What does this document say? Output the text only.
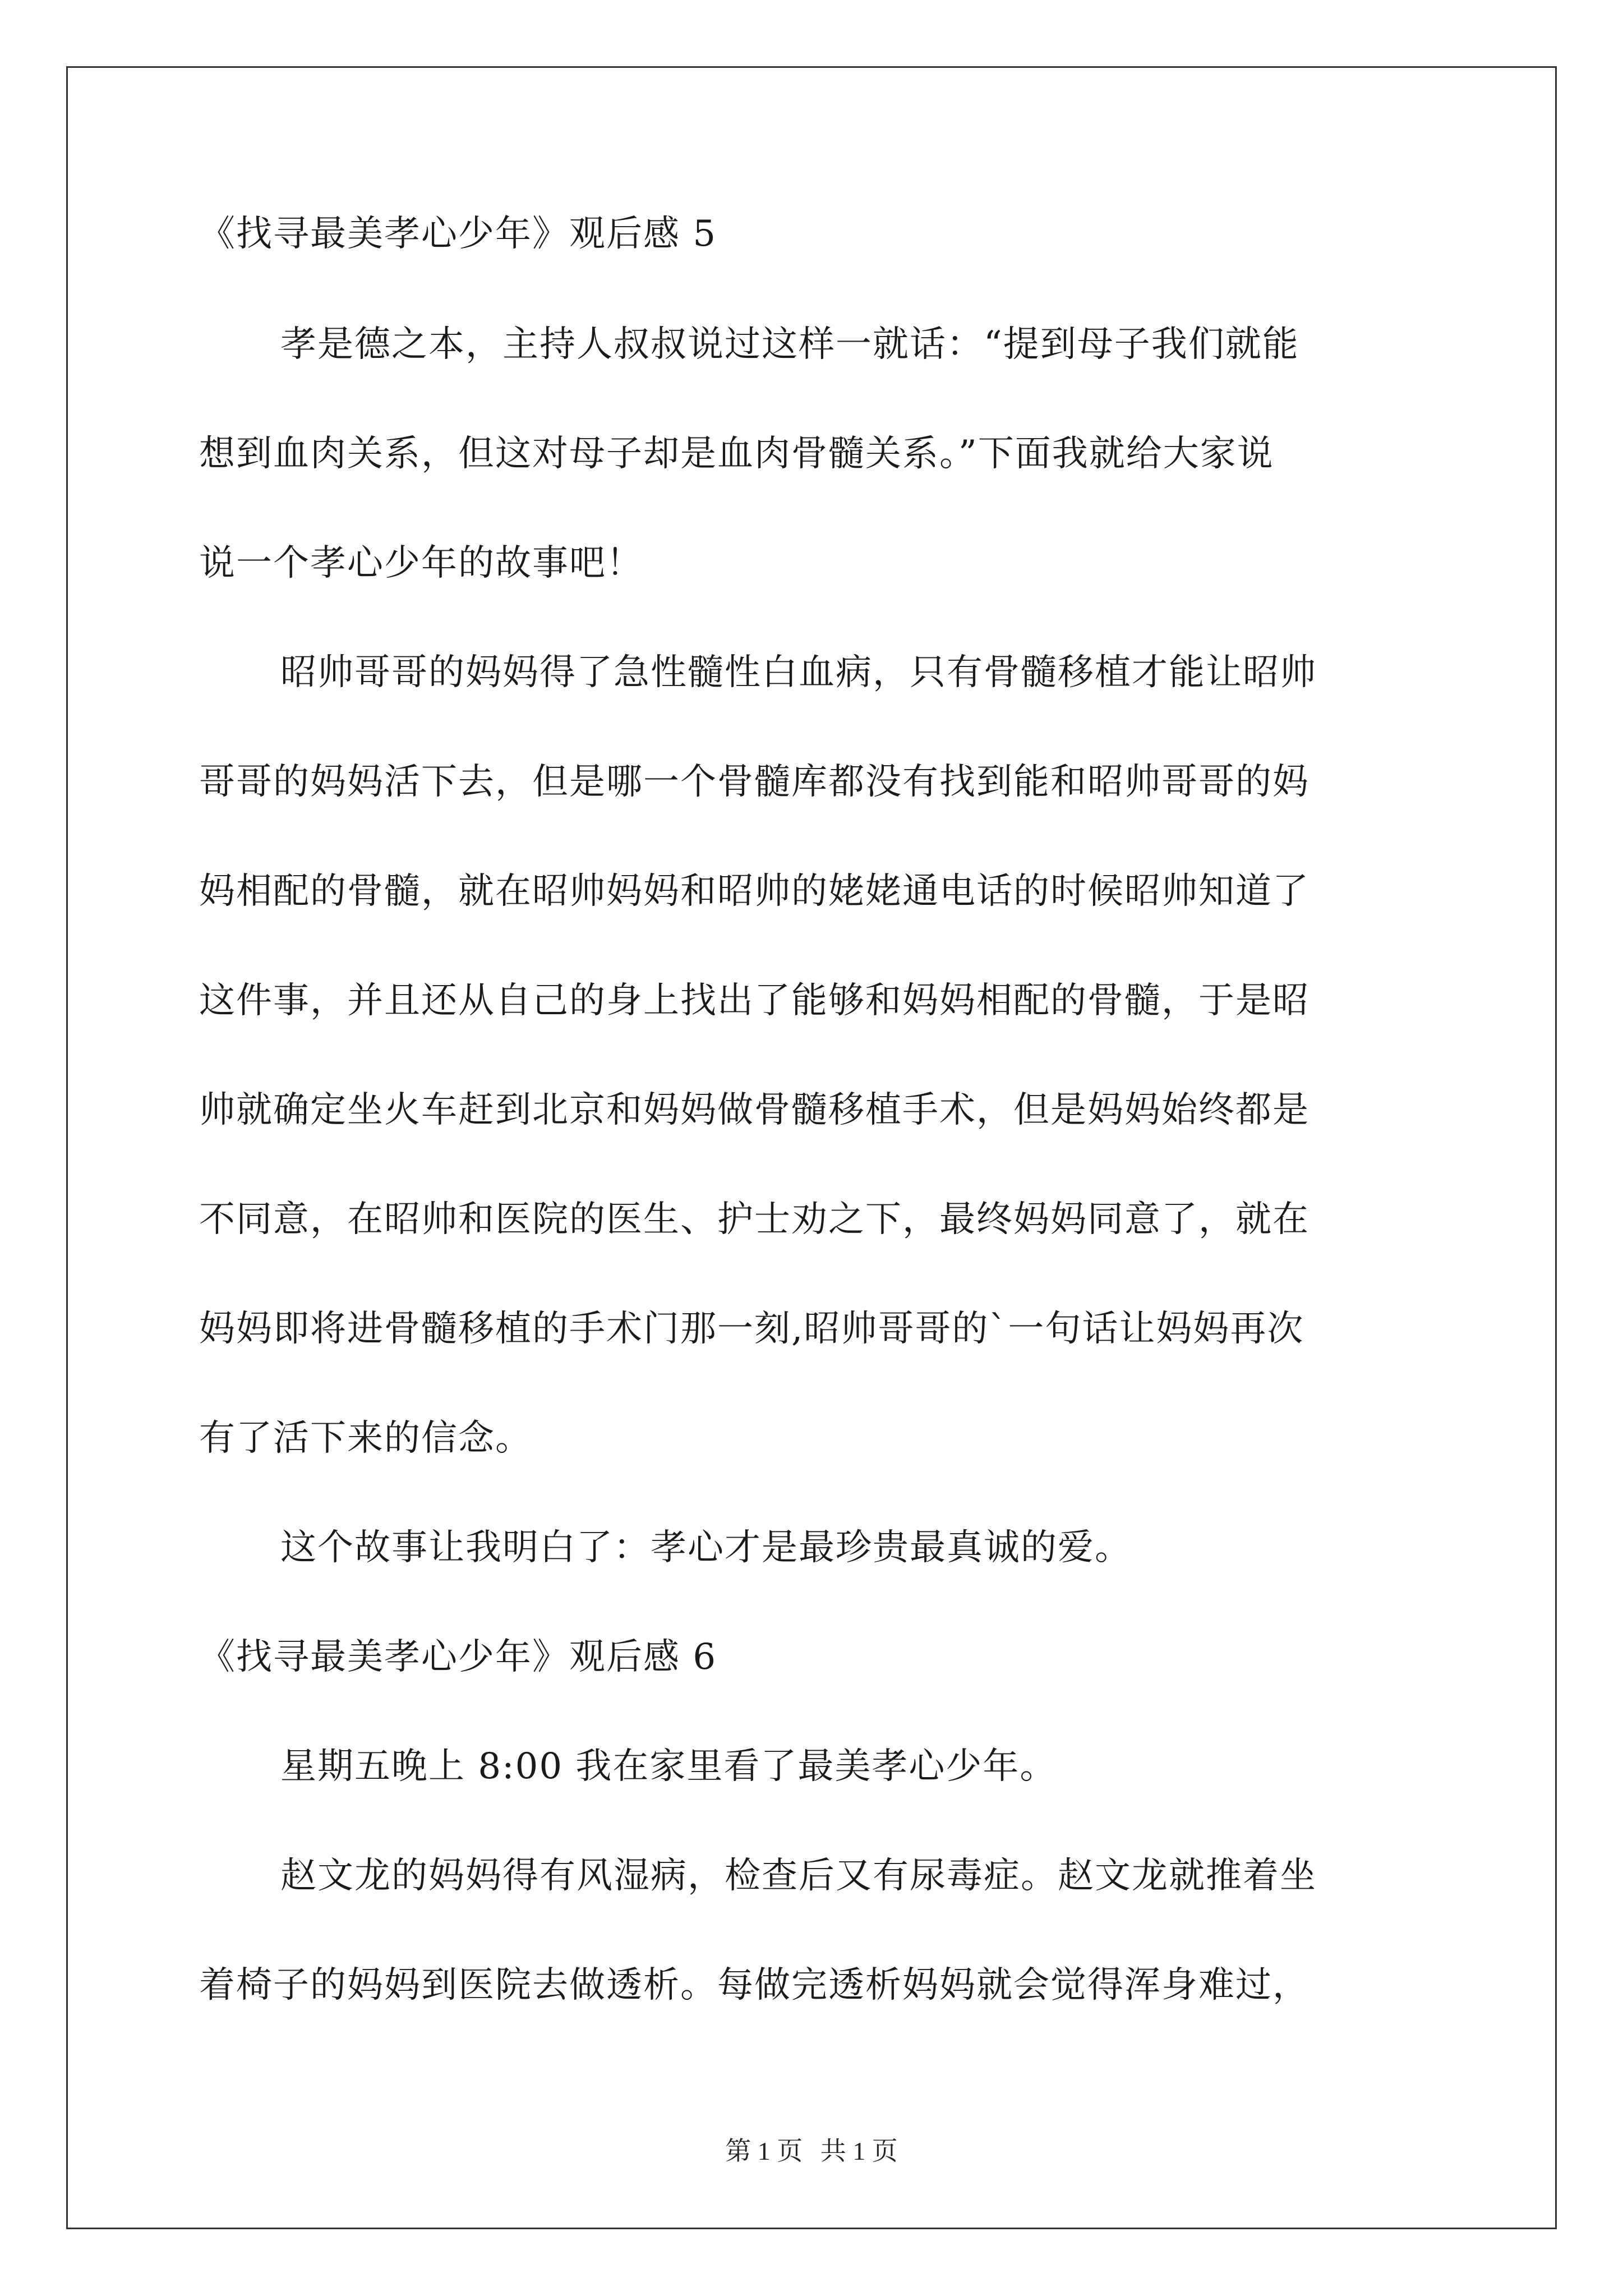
《找寻最美孝心少年》观后感 5
孝是德之本，主持人叔叔说过这样一就话：“提到母子我们就能
想到血肉关系，但这对母子却是血肉骨髓关系。”下面我就给大家说
说一个孝心少年的故事吧！
昭帅哥哥的妈妈得了急性髓性白血病，只有骨髓移植才能让昭帅
哥哥的妈妈活下去，但是哪一个骨髓库都没有找到能和昭帅哥哥的妈
妈相配的骨髓，就在昭帅妈妈和昭帅的姥姥通电话的时候昭帅知道了
这件事，并且还从自己的身上找出了能够和妈妈相配的骨髓，于是昭
帅就确定坐火车赶到北京和妈妈做骨髓移植手术，但是妈妈始终都是
不同意，在昭帅和医院的医生、护士劝之下，最终妈妈同意了，就在
妈妈即将进骨髓移植的手术门那一刻,昭帅哥哥的`一句话让妈妈再次
有了活下来的信念。
这个故事让我明白了：孝心才是最珍贵最真诚的爱。
《找寻最美孝心少年》观后感 6
星期五晚上 8:00 我在家里看了最美孝心少年。
赵文龙的妈妈得有风湿病，检查后又有尿毒症。赵文龙就推着坐
着椅子的妈妈到医院去做透析。每做完透析妈妈就会觉得浑身难过，
第 1 页 共 1 页
